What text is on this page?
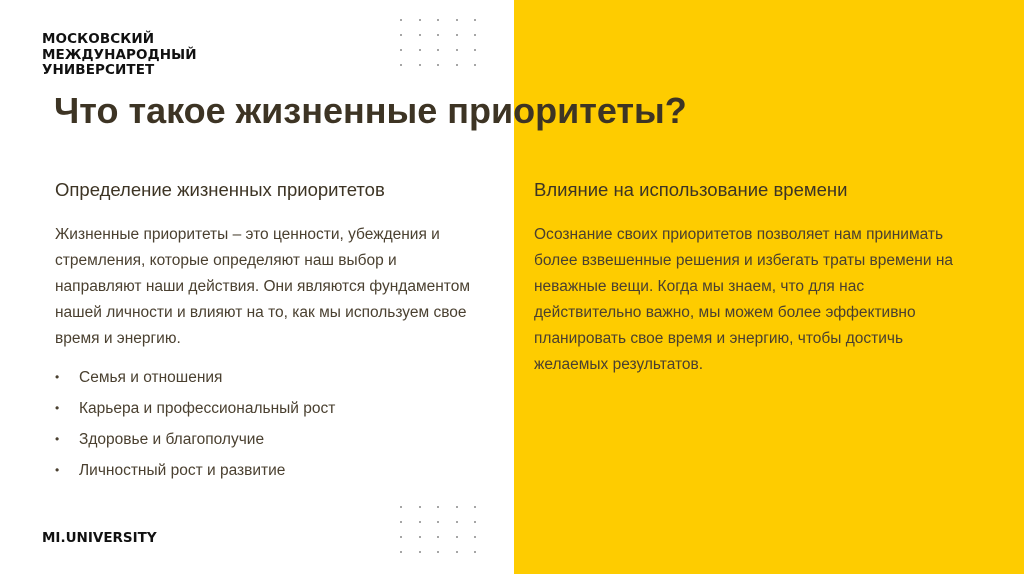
МОСКОВСКИЙ
МЕЖДУНАРОДНЫЙ
УНИВЕРСИТЕТ
Что такое жизненные приоритеты?
Определение жизненных приоритетов

Жизненные приоритеты – это ценности, убеждения и стремления, которые определяют наш выбор и направляют наши действия. Они являются фундаментом нашей личности и влияют на то, как мы используем свое время и энергию.

• Семья и отношения
• Карьера и профессиональный рост
• Здоровье и благополучие
• Личностный рост и развитие
Влияние на использование времени

Осознание своих приоритетов позволяет нам принимать более взвешенные решения и избегать траты времени на неважные вещи. Когда мы знаем, что для нас действительно важно, мы можем более эффективно планировать свое время и энергию, чтобы достичь желаемых результатов.

MI.UNIVERSITY
